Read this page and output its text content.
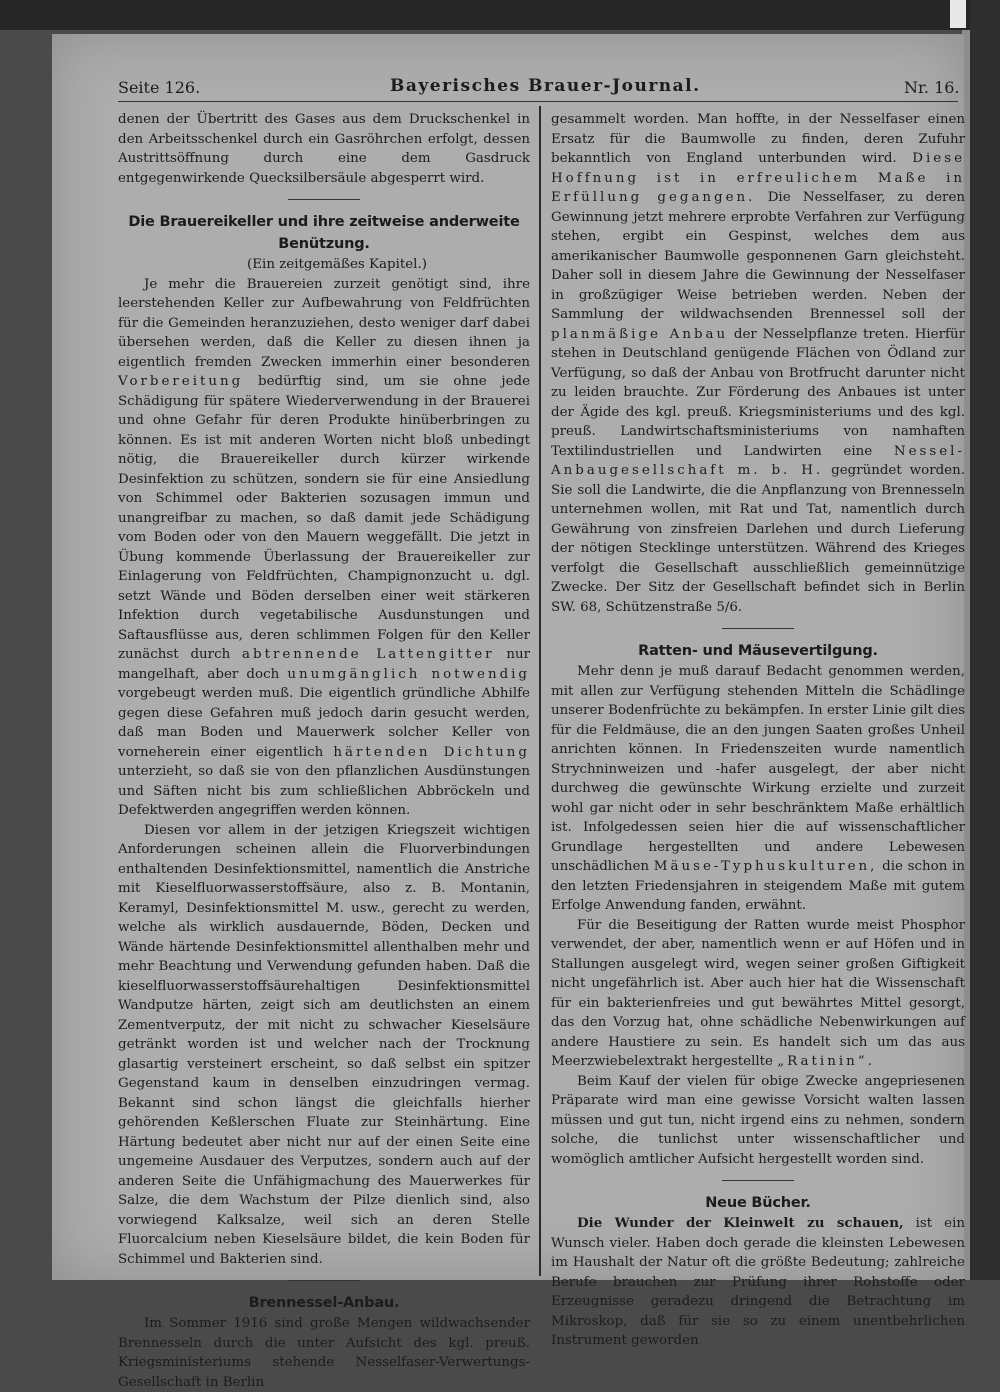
Seite 126.	Bayerisches Brauer-Journal.	Nr. 16.

denen der Übertritt des Gases aus dem Druckschenkel in den Arbeitsschenkel durch ein Gasröhrchen erfolgt, dessen Austrittsöffnung durch eine dem Gasdruck entgegenwirkende Quecksilbersäule abgesperrt wird.

Die Brauereikeller und ihre zeitweise anderweite Benützung.

(Ein zeitgemäßes Kapitel.)

Je mehr die Brauereien zurzeit genötigt sind, ihre leerstehenden Keller zur Aufbewahrung von Feldfrüchten für die Gemeinden heranzuziehen, desto weniger darf dabei übersehen werden, daß die Keller zu diesen ihnen ja eigentlich fremden Zwecken immerhin einer besonderen Vorbereitung bedürftig sind, um sie ohne jede Schädigung für spätere Wiederverwendung in der Brauerei und ohne Gefahr für deren Produkte hinüberbringen zu können. Es ist mit anderen Worten nicht bloß unbedingt nötig, die Brauereikeller durch kürzer wirkende Desinfektion zu schützen, sondern sie für eine Ansiedlung von Schimmel oder Bakterien sozusagen immun und unangreifbar zu machen, so daß damit jede Schädigung vom Boden oder von den Mauern weggefällt. Die jetzt in Übung kommende Überlassung der Brauereikeller zur Einlagerung von Feldfrüchten, Champignonzucht u. dgl. setzt Wände und Böden derselben einer weit stärkeren Infektion durch vegetabilische Ausdunstungen und Saftausflüsse aus, deren schlimmen Folgen für den Keller zunächst durch abtrennende Lattengitter nur mangelhaft, aber doch unumgänglich notwendig vorgebeugt werden muß. Die eigentlich gründliche Abhilfe gegen diese Gefahren muß jedoch darin gesucht werden, daß man Boden und Mauerwerk solcher Keller von vorneherein einer eigentlich härtenden Dichtung unterzieht, so daß sie von den pflanzlichen Ausdünstungen und Säften nicht bis zum schließlichen Abbröckeln und Defektwerden angegriffen werden können.

Diesen vor allem in der jetzigen Kriegszeit wichtigen Anforderungen scheinen allein die Fluorverbindungen enthaltenden Desinfektionsmittel, namentlich die Anstriche mit Kieselfluorwasserstoffsäure, also z. B. Montanin, Keramyl, Desinfektionsmittel M. usw., gerecht zu werden, welche als wirklich ausdauernde, Böden, Decken und Wände härtende Desinfektionsmittel allenthalben mehr und mehr Beachtung und Verwendung gefunden haben. Daß die kieselfluorwasserstoffsäurehaltigen Desinfektionsmittel Wandputze härten, zeigt sich am deutlichsten an einem Zementverputz, der mit nicht zu schwacher Kieselsäure getränkt worden ist und welcher nach der Trocknung glasartig versteinert erscheint, so daß selbst ein spitzer Gegenstand kaum in denselben einzudringen vermag. Bekannt sind schon längst die gleichfalls hierher gehörenden Keßlerschen Fluate zur Steinhärtung. Eine Härtung bedeutet aber nicht nur auf der einen Seite eine ungemeine Ausdauer des Verputzes, sondern auch auf der anderen Seite die Unfähigmachung des Mauerwerkes für Salze, die dem Wachstum der Pilze dienlich sind, also vorwiegend Kalksalze, weil sich an deren Stelle Fluorcalcium neben Kieselsäure bildet, die kein Boden für Schimmel und Bakterien sind.

Brennessel-Anbau.

Im Sommer 1916 sind große Mengen wildwachsender Brennesseln durch die unter Aufsicht des kgl. preuß. Kriegsministeriums stehende Nesselfaser-Verwertungs-Gesellschaft in Berlin

gesammelt worden. Man hoffte, in der Nesselfaser einen Ersatz für die Baumwolle zu finden, deren Zufuhr bekanntlich von England unterbunden wird. Diese Hoffnung ist in erfreulichem Maße in Erfüllung gegangen. Die Nesselfaser, zu deren Gewinnung jetzt mehrere erprobte Verfahren zur Verfügung stehen, ergibt ein Gespinst, welches dem aus amerikanischer Baumwolle gesponnenen Garn gleichsteht. Daher soll in diesem Jahre die Gewinnung der Nesselfaser in großzügiger Weise betrieben werden. Neben der Sammlung der wildwachsenden Brennessel soll der planmäßige Anbau der Nesselpflanze treten. Hierfür stehen in Deutschland genügende Flächen von Ödland zur Verfügung, so daß der Anbau von Brotfrucht darunter nicht zu leiden brauchte. Zur Förderung des Anbaues ist unter der Ägide des kgl. preuß. Kriegsministeriums und des kgl. preuß. Landwirtschaftsministeriums von namhaften Textilindustriellen und Landwirten eine Nessel-Anbaugesellschaft m. b. H. gegründet worden. Sie soll die Landwirte, die die Anpflanzung von Brennesseln unternehmen wollen, mit Rat und Tat, namentlich durch Gewährung von zinsfreien Darlehen und durch Lieferung der nötigen Stecklinge unterstützen. Während des Krieges verfolgt die Gesellschaft ausschließlich gemeinnützige Zwecke. Der Sitz der Gesellschaft befindet sich in Berlin SW. 68, Schützenstraße 5/6.

Ratten- und Mäusevertilgung.

Mehr denn je muß darauf Bedacht genommen werden, mit allen zur Verfügung stehenden Mitteln die Schädlinge unserer Bodenfrüchte zu bekämpfen. In erster Linie gilt dies für die Feldmäuse, die an den jungen Saaten großes Unheil anrichten können. In Friedenszeiten wurde namentlich Strychninweizen und -hafer ausgelegt, der aber nicht durchweg die gewünschte Wirkung erzielte und zurzeit wohl gar nicht oder in sehr beschränktem Maße erhältlich ist. Infolgedessen seien hier die auf wissenschaftlicher Grundlage hergestellten und andere Lebewesen unschädlichen Mäuse-Typhuskulturen, die schon in den letzten Friedensjahren in steigendem Maße mit gutem Erfolge Anwendung fanden, erwähnt.

Für die Beseitigung der Ratten wurde meist Phosphor verwendet, der aber, namentlich wenn er auf Höfen und in Stallungen ausgelegt wird, wegen seiner großen Giftigkeit nicht ungefährlich ist. Aber auch hier hat die Wissenschaft für ein bakterienfreies und gut bewährtes Mittel gesorgt, das den Vorzug hat, ohne schädliche Nebenwirkungen auf andere Haustiere zu sein. Es handelt sich um das aus Meerzwiebelextrakt hergestellte „Ratinin“.

Beim Kauf der vielen für obige Zwecke angepriesenen Präparate wird man eine gewisse Vorsicht walten lassen müssen und gut tun, nicht irgend eins zu nehmen, sondern solche, die tunlichst unter wissenschaftlicher und womöglich amtlicher Aufsicht hergestellt worden sind.

Neue Bücher.

Die Wunder der Kleinwelt zu schauen, ist ein Wunsch vieler. Haben doch gerade die kleinsten Lebewesen im Haushalt der Natur oft die größte Bedeutung; zahlreiche Berufe brauchen zur Prüfung ihrer Rohstoffe oder Erzeugnisse geradezu dringend die Betrachtung im Mikroskop, daß für sie so zu einem unentbehrlichen Instrument geworden
